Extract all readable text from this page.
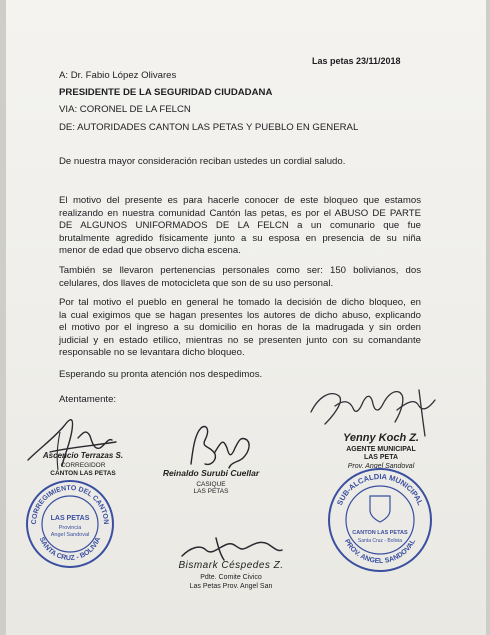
Las petas 23/11/2018
A: Dr. Fabio López Olivares
PRESIDENTE DE LA SEGURIDAD CIUDADANA
VIA: CORONEL DE LA FELCN
DE: AUTORIDADES CANTON LAS PETAS Y PUEBLO EN GENERAL
De nuestra mayor consideración reciban ustedes un cordial saludo.
El motivo del presente es para hacerle conocer de este bloqueo que estamos
realizando en nuestra comunidad Cantón las petas, es por el ABUSO DE PARTE
DE ALGUNOS UNIFORMADOS DE LA FELCN a un comunario que fue
brutalmente agredido físicamente junto a su esposa en presencia de su niña
menor de edad que observo dicha escena.
También se llevaron pertenencias personales como ser: 150 bolivianos, dos
celulares, dos llaves de motocicleta que son de su uso personal.
Por tal motivo el pueblo en general he tomado la decisión de dicho bloqueo, en
la cual exigimos que se hagan presentes los autores de dicho abuso, explicando
el motivo por el ingreso a su domicilio en horas de la madrugada y sin orden
judicial y en estado etílico, mientras no se presenten junto con su comandante
responsable no se levantara dicho bloqueo.
Esperando su pronta atención nos despedimos.
Atentamente:
Ascencio Terrazas S.
CORREGIDOR
CANTON LAS PETAS
CORREGIMIENTO DEL CANTON
SANTA CRUZ - BOLIVIA
LAS PETAS
Provincia
Angel Sandoval
Reinaldo Surubi Cuellar
CASIQUE
LAS PETAS
Yenny Koch Z.
AGENTE MUNICIPAL
LAS PETA
Prov. Angel Sandoval
SUB-ALCALDIA MUNICIPAL
PROV. ANGEL SANDOVAL
CANTON LAS PETAS
Santa Cruz - Bolivia
Bismark Céspedes Z.
Pdte. Comite Civico
Las Petas Prov. Angel San
